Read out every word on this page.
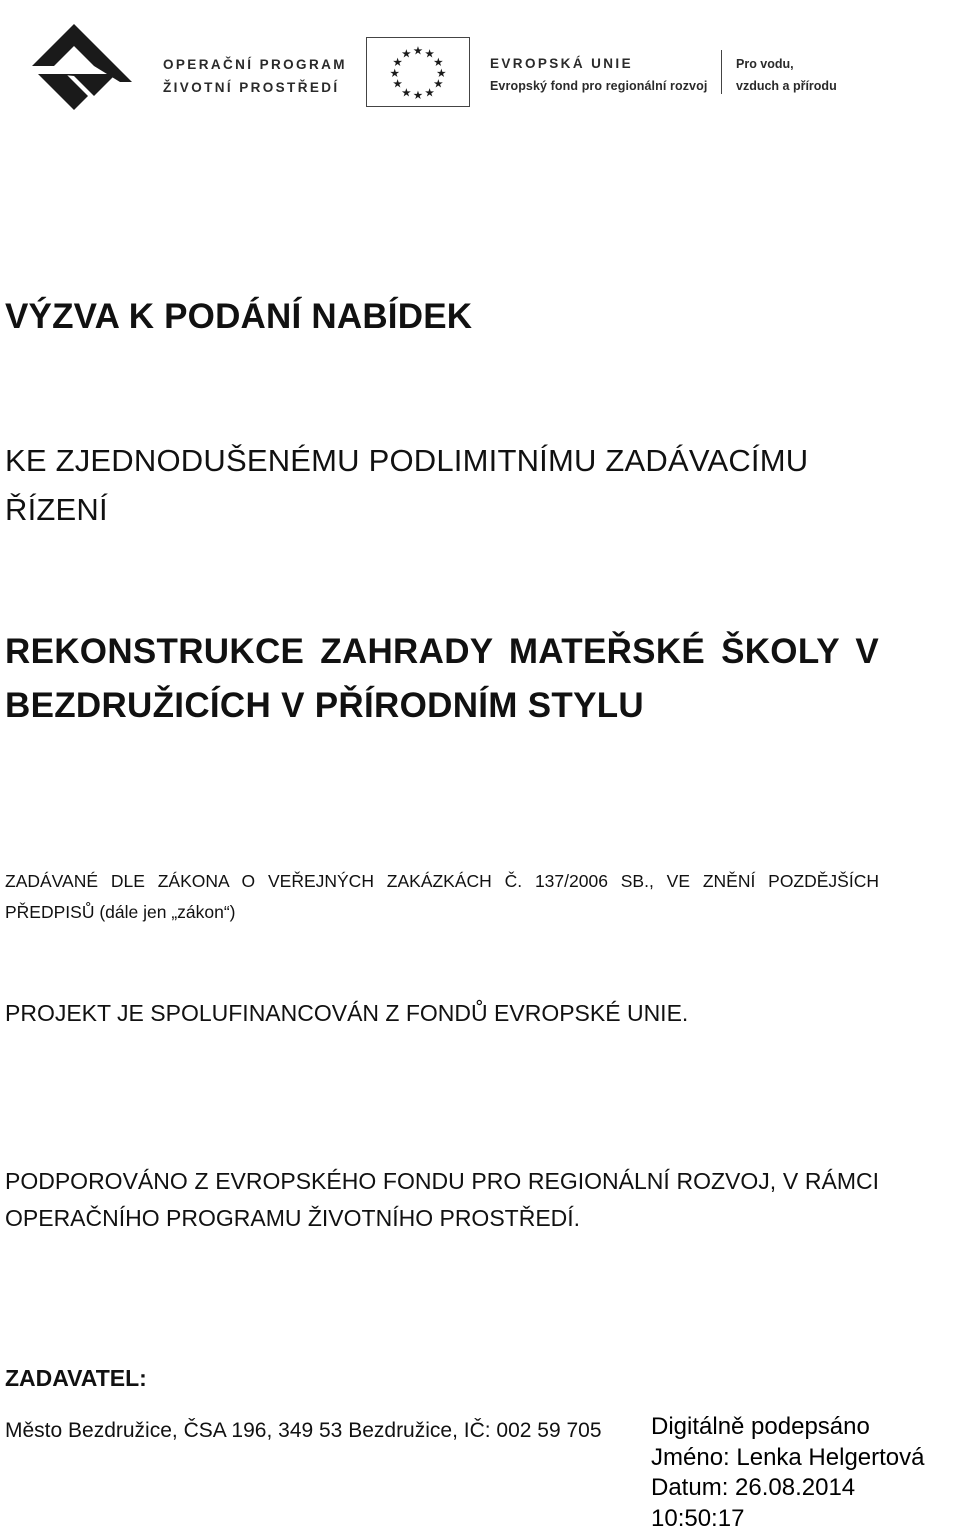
OPERAČNÍ PROGRAM
ŽIVOTNÍ PROSTŘEDÍ
★ ★
★
★
★
★
★
★
★
★
★
★
EVROPSKÁ UNIE
Evropský fond pro regionální rozvoj
Pro vodu,
vzduch a přírodu
VÝZVA K PODÁNÍ NABÍDEK
KE ZJEDNODUŠENÉMU PODLIMITNÍMU ZADÁVACÍMU ŘÍZENÍ
REKONSTRUKCE ZAHRADY MATEŘSKÉ ŠKOLY V BEZDRUŽICÍCH V PŘÍRODNÍM STYLU
ZADÁVANÉ DLE ZÁKONA O VEŘEJNÝCH ZAKÁZKÁCH Č. 137/2006 SB., VE ZNĚNÍ POZDĚJŠÍCH PŘEDPISŮ (dále jen „zákon“)
PROJEKT JE SPOLUFINANCOVÁN Z FONDŮ EVROPSKÉ UNIE.
PODPOROVÁNO Z EVROPSKÉHO FONDU PRO REGIONÁLNÍ ROZVOJ, V RÁMCI OPERAČNÍHO PROGRAMU ŽIVOTNÍHO PROSTŘEDÍ.
ZADAVATEL:
Město Bezdružice, ČSA 196, 349 53 Bezdružice, IČ: 002 59 705 Digitálně podepsáno
Jméno: Lenka Helgertová
Datum: 26.08.2014
10:50:17
